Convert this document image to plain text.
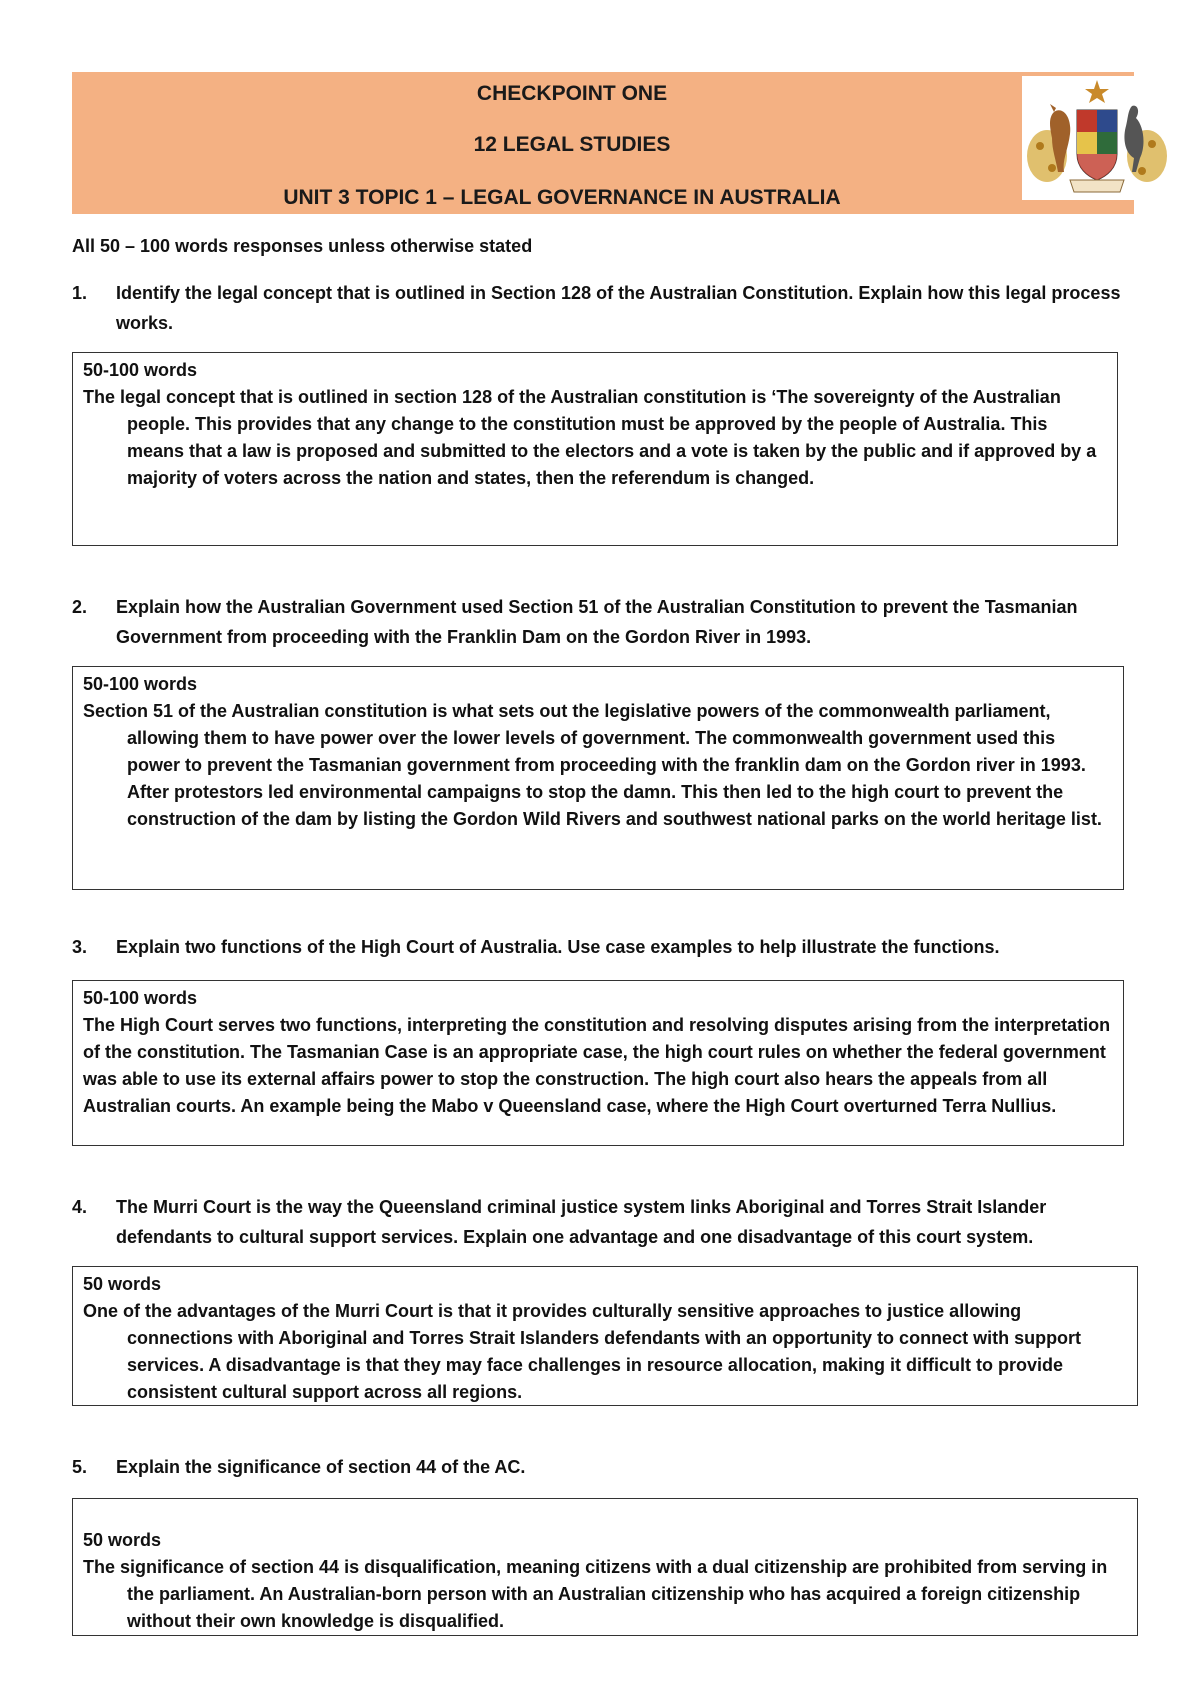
CHECKPOINT ONE
12 LEGAL STUDIES
UNIT 3 TOPIC 1 – LEGAL GOVERNANCE IN AUSTRALIA
All 50 – 100 words responses unless otherwise stated
1.	Identify the legal concept that is outlined in Section 128 of the Australian Constitution. Explain how this legal process works.
50-100 words
The legal concept that is outlined in section 128 of the Australian constitution is ‘The sovereignty of the Australian people. This provides that any change to the constitution must be approved by the people of Australia. This means that a law is proposed and submitted to the electors and a vote is taken by the public and if approved by a majority of voters across the nation and states, then the referendum is changed.
2.	Explain how the Australian Government used Section 51 of the Australian Constitution to prevent the Tasmanian Government from proceeding with the Franklin Dam on the Gordon River in 1993.
50-100 words
Section 51 of the Australian constitution is what sets out the legislative powers of the commonwealth parliament, allowing them to have power over the lower levels of government. The commonwealth government used this power to prevent the Tasmanian government from proceeding with the franklin dam on the Gordon river in 1993. After protestors led environmental campaigns to stop the damn. This then led to the high court to prevent the construction of the dam by listing the Gordon Wild Rivers and southwest national parks on the world heritage list.
3.	Explain two functions of the High Court of Australia. Use case examples to help illustrate the functions.
50-100 words
The High Court serves two functions, interpreting the constitution and resolving disputes arising from the interpretation of the constitution. The Tasmanian Case is an appropriate case, the high court rules on whether the federal government was able to use its external affairs power to stop the construction. The high court also hears the appeals from all Australian courts. An example being the Mabo v Queensland case, where the High Court overturned Terra Nullius.
4.	The Murri Court is the way the Queensland criminal justice system links Aboriginal and Torres Strait Islander defendants to cultural support services. Explain one advantage and one disadvantage of this court system.
50 words
One of the advantages of the Murri Court is that it provides culturally sensitive approaches to justice allowing connections with Aboriginal and Torres Strait Islanders defendants with an opportunity to connect with support services. A disadvantage is that they may face challenges in resource allocation, making it difficult to provide consistent cultural support across all regions.
5.	Explain the significance of section 44 of the AC.
50 words
The significance of section 44 is disqualification, meaning citizens with a dual citizenship are prohibited from serving in the parliament. An Australian-born person with an Australian citizenship who has acquired a foreign citizenship without their own knowledge is disqualified.
